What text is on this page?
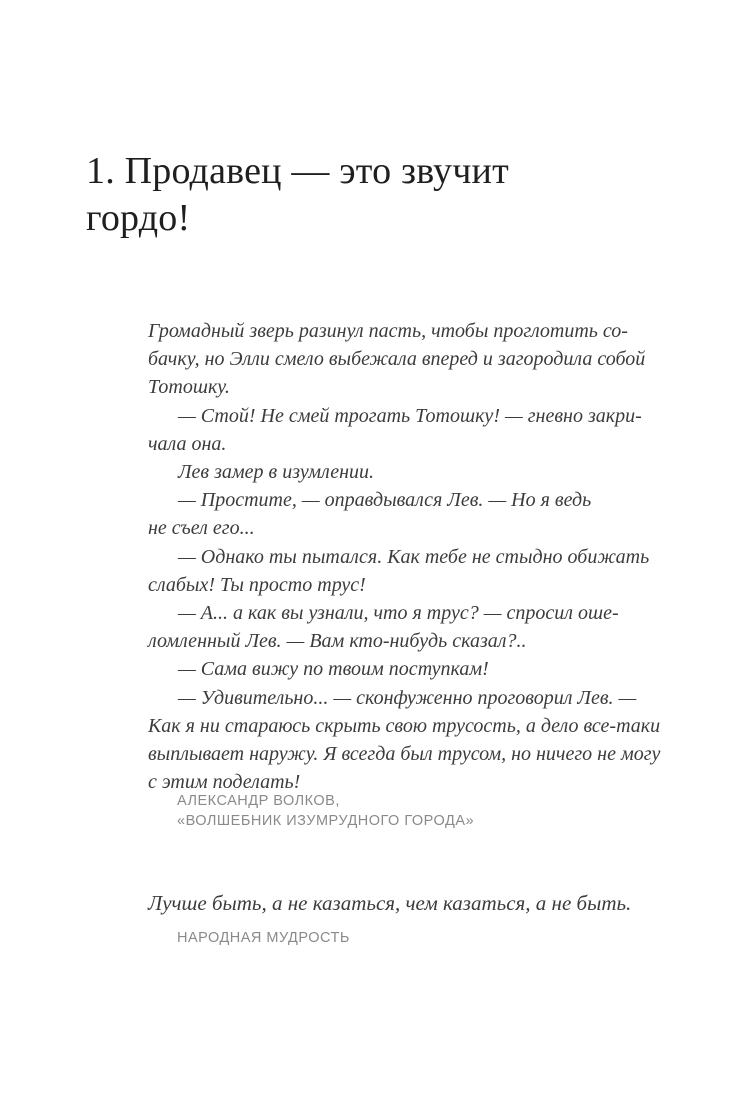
1. Продавец — это звучит
гордо!
Громадный зверь разинул пасть, чтобы проглотить со-
бачку, но Элли смело выбежала вперед и загородила собой
Тотошку.
— Стой! Не смей трогать Тотошку! — гневно закри-
чала она.
Лев замер в изумлении.
— Простите, — оправдывался Лев. — Но я ведь
не съел его...
— Однако ты пытался. Как тебе не стыдно обижать
слабых! Ты просто трус!
— А... а как вы узнали, что я трус? — спросил оше-
ломленный Лев. — Вам кто-нибудь сказал?..
— Сама вижу по твоим поступкам!
— Удивительно... — сконфуженно проговорил Лев. —
Как я ни стараюсь скрыть свою трусость, а дело все-таки
выплывает наружу. Я всегда был трусом, но ничего не могу
с этим поделать!
АЛЕКСАНДР ВОЛКОВ,
«ВОЛШЕБНИК ИЗУМРУДНОГО ГОРОДА»
Лучше быть, а не казаться, чем казаться, а не быть.
НАРОДНАЯ МУДРОСТЬ
